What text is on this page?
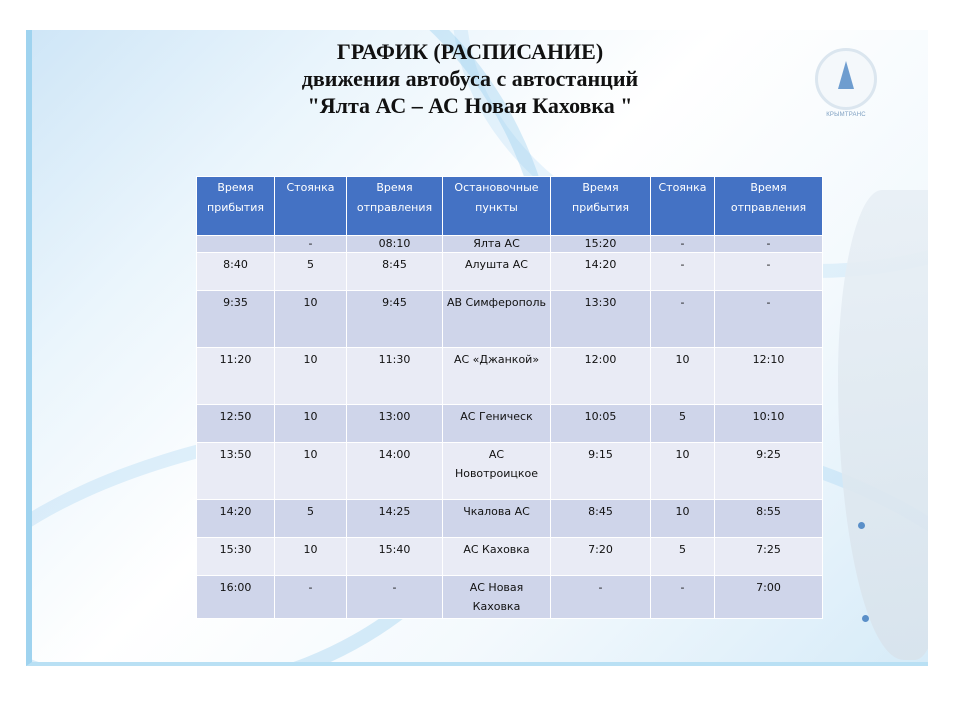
КРЫМТРАНС
ГРАФИК (РАСПИСАНИЕ)
движения автобуса с автостанций
"Ялта АС – АС Новая Каховка "
Время прибытия	Стоянка	Время отправления	Остановочные пункты	Время прибытия	Стоянка	Время отправления
	-	08:10	Ялта АС	15:20	-	-
8:40	5	8:45	Алушта АС	14:20	-	-
9:35	10	9:45	АВ Симферополь	13:30	-	-
11:20	10	11:30	АС «Джанкой»	12:00	10	12:10
12:50	10	13:00	АС Геническ	10:05	5	10:10
13:50	10	14:00	АС Новотроицкое	9:15	10	9:25
14:20	5	14:25	Чкалова АС	8:45	10	8:55
15:30	10	15:40	АС Каховка	7:20	5	7:25
16:00	-	-	АС Новая Каховка	-	-	7:00
